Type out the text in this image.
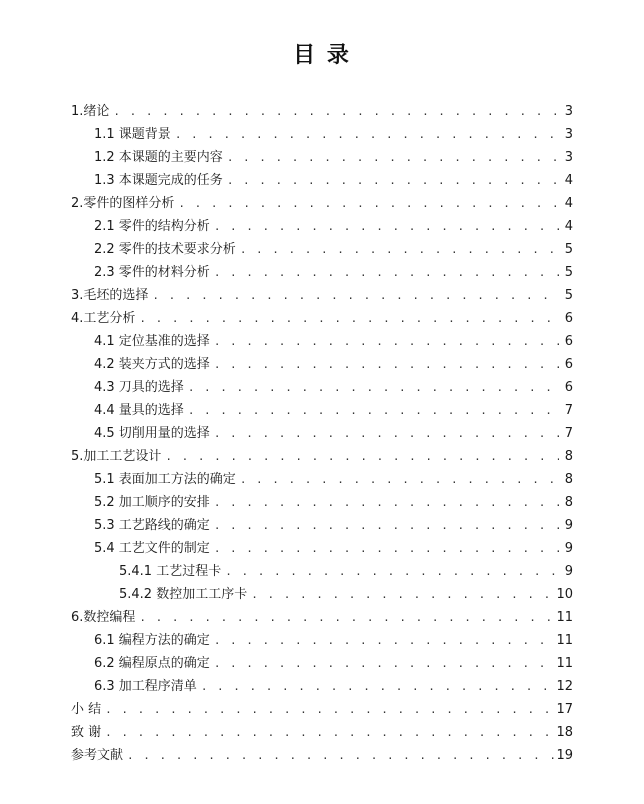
目 录
1.绪论 . . .	3
1.1 课题背景 . . .	3
1.2 本课题的主要内容 . . .	3
1.3 本课题完成的任务 . . .	4
2.零件的图样分析 . . .	4
2.1 零件的结构分析 . . .	4
2.2 零件的技术要求分析 . . .	5
2.3 零件的材料分析 . . .	5
3.毛坯的选择 . . .	5
4.工艺分析 . . .	6
4.1 定位基准的选择 . . .	6
4.2 装夹方式的选择 . . .	6
4.3 刀具的选择 . . .	6
4.4 量具的选择 . . .	7
4.5 切削用量的选择 . . .	7
5.加工工艺设计 . . .	8
5.1 表面加工方法的确定 . . .	8
5.2 加工顺序的安排 . . .	8
5.3 工艺路线的确定 . . .	9
5.4 工艺文件的制定 . . .	9
5.4.1 工艺过程卡 . . .	9
5.4.2 数控加工工序卡 . . .	10
6.数控编程 . . .	11
6.1 编程方法的确定 . . .	11
6.2 编程原点的确定 . . .	11
6.3 加工程序清单 . . .	12
小 结 . . .	17
致 谢 . . .	18
参考文献 . . .	19
